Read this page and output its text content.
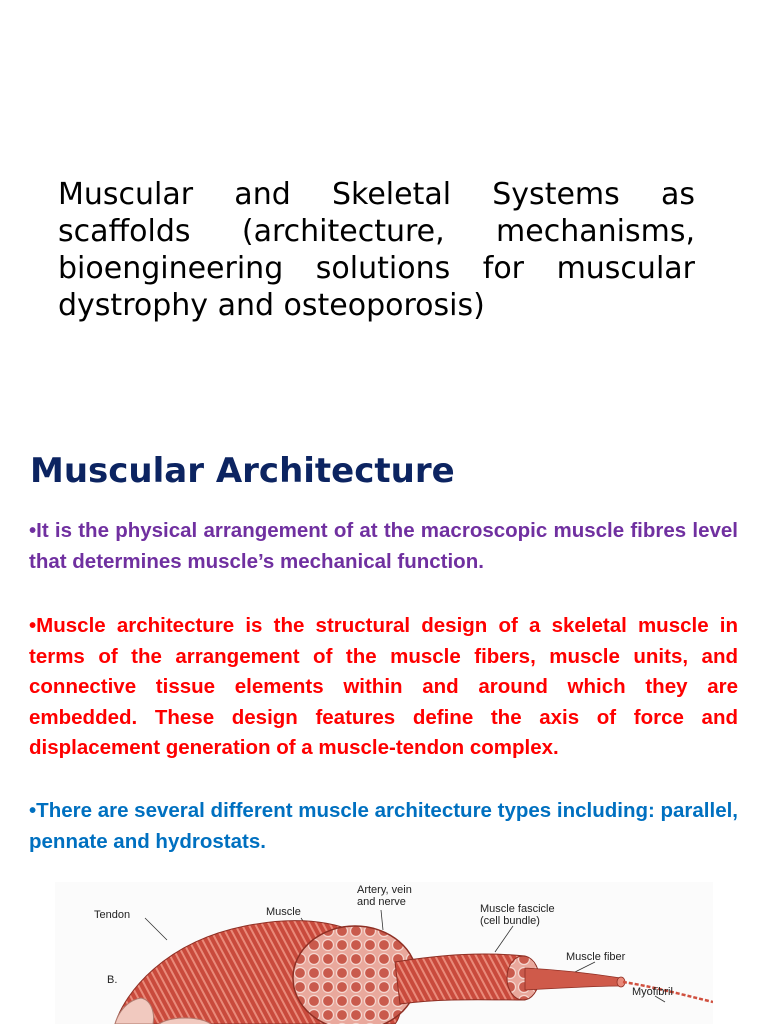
Muscular and Skeletal Systems as scaffolds (architecture, mechanisms, bioengineering solutions for muscular dystrophy and osteoporosis)

Muscular Architecture

•It is the physical arrangement of at the macroscopic muscle fibres level that determines muscle’s mechanical function.

•Muscle architecture is the structural design of a skeletal muscle in terms of the arrangement of the muscle fibers, muscle units, and connective tissue elements within and around which they are embedded. These design features define the axis of force and displacement generation of a muscle-tendon complex.

•There are several different muscle architecture types including: parallel, pennate and hydrostats.

Tendon
B.
Muscle
Artery, vein
and nerve
Muscle fascicle
(cell bundle)
Muscle fiber
Myofibril
